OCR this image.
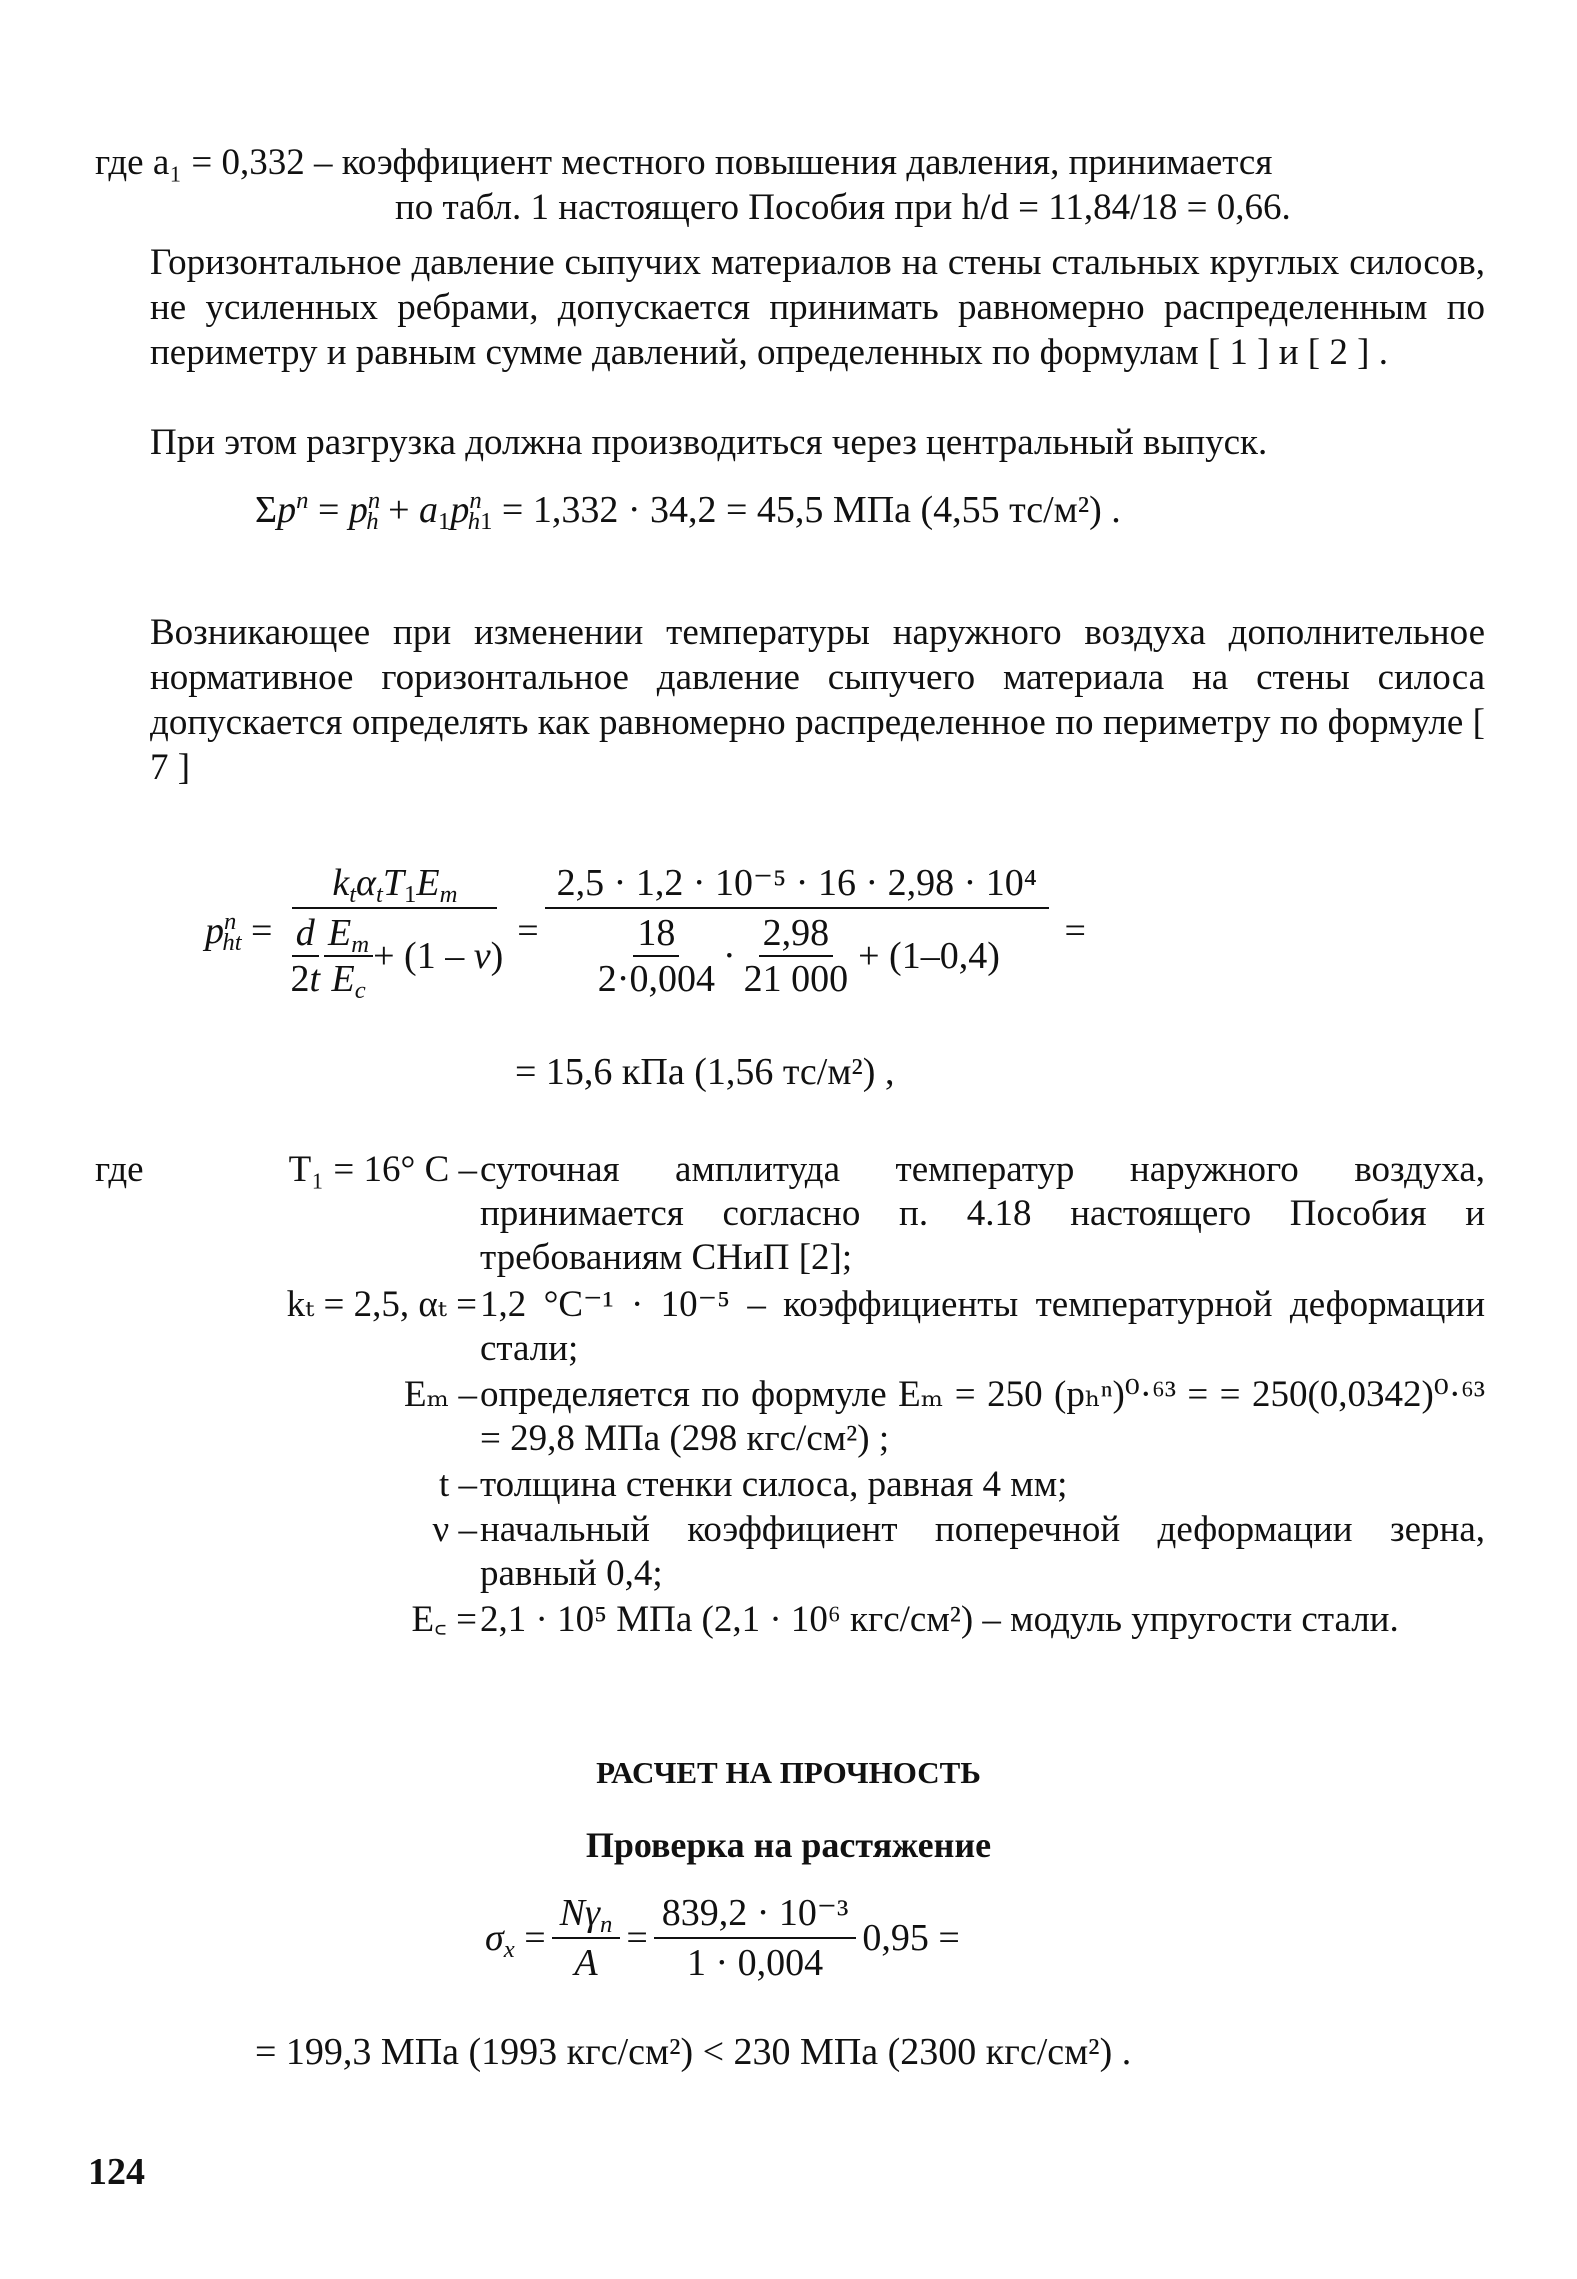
где a₁ = 0,332 – коэффициент местного повышения давления, принимается
по табл. 1 настоящего Пособия при h/d = 11,84/18 = 0,66.
Горизонтальное давление сыпучих материалов на стены стальных круглых силосов, не усиленных ребрами, допускается принимать равномерно распределенным по периметру и равным сумме давлений, определенных по формулам [ 1 ] и [ 2 ] .
При этом разгрузка должна производиться через центральный выпуск.
$\Sigma p^n = p^n_h + a_1p^n_{h1} = 1,332 \cdot 34,2 = 45,5$ МПа (4,55 тс/м²) .
Возникающее при изменении температуры наружного воздуха дополнительное нормативное горизонтальное давление сыпучего материала на стены силоса допускается определять как равномерно распределенное по периметру по формуле [ 7 ]
$p^n_{ht} = \frac{k_t\alpha_tT_1E_m}{\frac{d}{2t} \frac{E_m}{E_c} + (1 - \nu)} = \frac{\text{2,5 · 1,2 · 10⁻⁵ · 16 · 2,98 · 10⁴}}{\frac{18}{2\cdot 0,004} \cdot \frac{2,98}{21 000} + (1-0,4)}$ =
= 15,6 кПа (1,56 тс/м²) ,
где	T₁ = 16° C – суточная амплитуда температур наружного воздуха, принимается согласно п. 4.18 настоящего Пособия и требованиям СНиП [2];
kₜ = 2,5, αₜ = 1,2 °C⁻¹ · 10⁻⁵ – коэффициенты температурной деформации стали;
Eₘ – определяется по формуле Eₘ = 250 (pₕⁿ)⁰·⁶³ = = 250(0,0342)⁰·⁶³ = 29,8 МПа (298 кгс/см²) ;
t – толщина стенки силоса, равная 4 мм;
ν – начальный коэффициент поперечной деформации зерна, равный 0,4;
E꜀ = 2,1 · 10⁵ МПа (2,1 · 10⁶ кгс/см²) – модуль упругости стали.
РАСЧЕТ НА ПРОЧНОСТЬ
Проверка на растяжение
$\sigma_x = \frac{N\gamma_n}{A} = \frac{\text{839,2 · 10⁻³}}{1 \cdot 0,004} 0,95$ =
= 199,3 МПа (1993 кгс/см²) < 230 МПа (2300 кгс/см²) .
124
